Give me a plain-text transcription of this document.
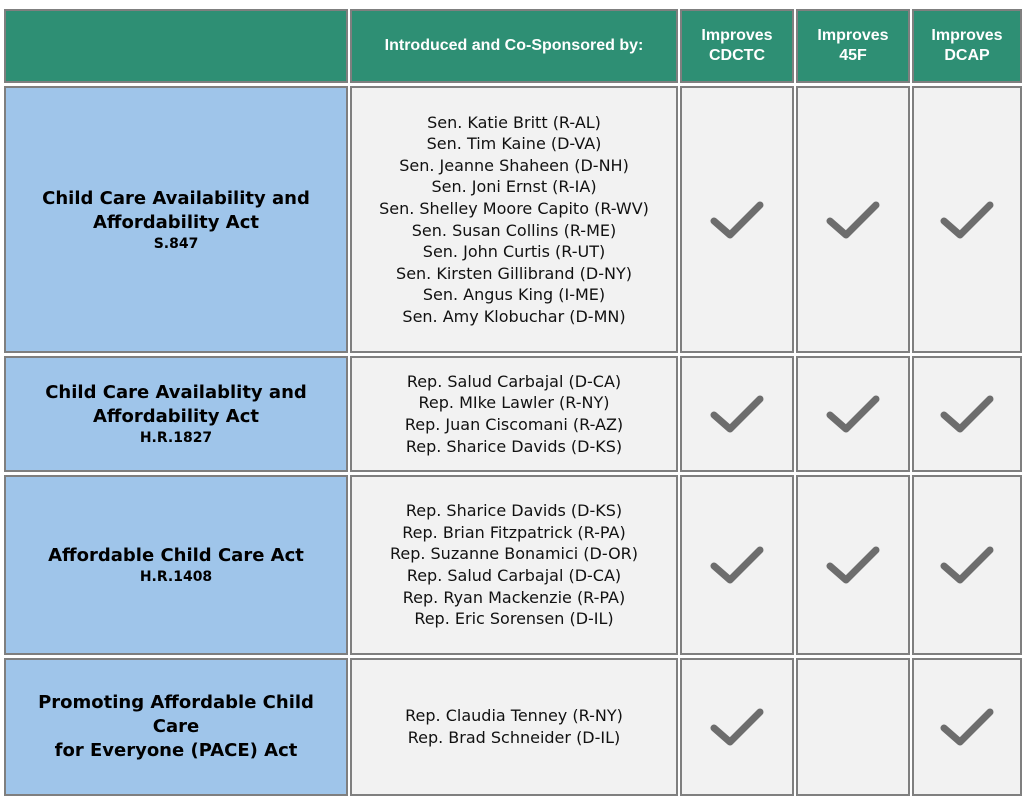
Introduced and Co-Sponsored by:
Improves
CDCTC
Improves
45F
Improves
DCAP
Child Care Availability and
Affordability Act
S.847
Sen. Katie Britt (R-AL)
Sen. Tim Kaine (D-VA)
Sen. Jeanne Shaheen (D-NH)
Sen. Joni Ernst (R-IA)
Sen. Shelley Moore Capito (R-WV)
Sen. Susan Collins (R-ME)
Sen. John Curtis (R-UT)
Sen. Kirsten Gillibrand (D-NY)
Sen. Angus King (I-ME)
Sen. Amy Klobuchar (D-MN)
Child Care Availablity and
Affordability Act
H.R.1827
Rep. Salud Carbajal (D-CA)
Rep. MIke Lawler (R-NY)
Rep. Juan Ciscomani (R-AZ)
Rep. Sharice Davids (D-KS)
Affordable Child Care Act
H.R.1408
Rep. Sharice Davids (D-KS)
Rep. Brian Fitzpatrick (R-PA)
Rep. Suzanne Bonamici (D-OR)
Rep. Salud Carbajal (D-CA)
Rep. Ryan Mackenzie (R-PA)
Rep. Eric Sorensen (D-IL)
Promoting Affordable Child Care
for Everyone (PACE) Act
Rep. Claudia Tenney (R-NY)
Rep. Brad Schneider (D-IL)
